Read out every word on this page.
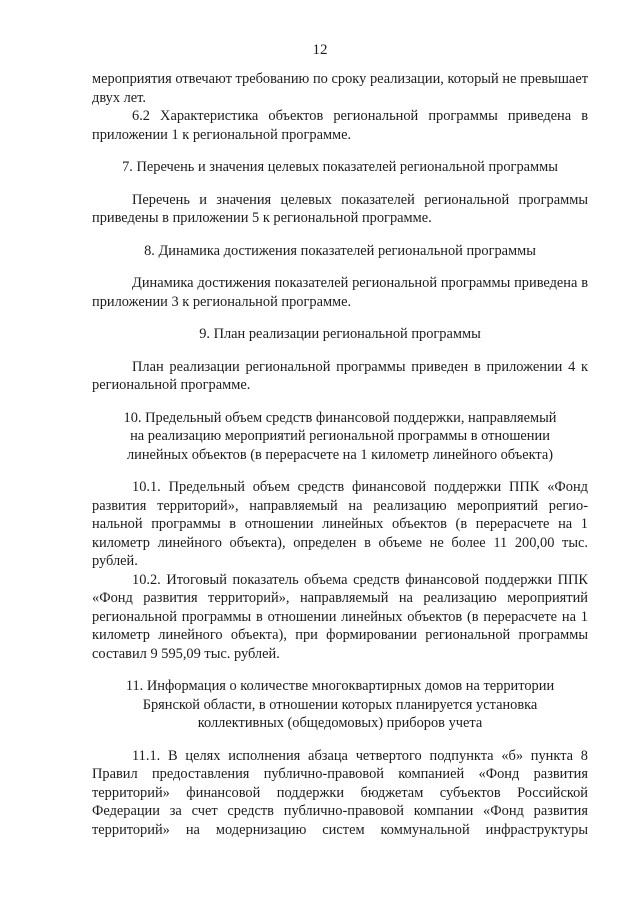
12

мероприятия отвечают требованию по сроку реализации, который не превышает двух лет.

6.2 Характеристика объектов региональной программы приведена в приложении 1 к региональной программе.

7. Перечень и значения целевых показателей региональной программы

Перечень и значения целевых показателей региональной программы приведены в приложении 5 к региональной программе.

8. Динамика достижения показателей региональной программы

Динамика достижения показателей региональной программы приведена в приложении 3 к региональной программе.

9. План реализации региональной программы

План реализации региональной программы приведен в приложении 4 к региональной программе.

10. Предельный объем средств финансовой поддержки, направляемый

на реализацию мероприятий региональной программы в отношении

линейных объектов (в перерасчете на 1 километр линейного объекта)

10.1. Предельный объем средств финансовой поддержки ППК «Фонд развития территорий», направляемый на реализацию мероприятий региональной программы в отношении линейных объектов (в перерасчете на 1 километр линейного объекта), определен в объеме не более 11 200,00 тыс. рублей.

10.2. Итоговый показатель объема средств финансовой поддержки ППК «Фонд развития территорий», направляемый на реализацию мероприятий региональной программы в отношении линейных объектов (в перерасчете на 1 километр линейного объекта), при формировании региональной программы составил 9 595,09 тыс. рублей.

11. Информация о количестве многоквартирных домов на территории

Брянской области, в отношении которых планируется установка

коллективных (общедомовых) приборов учета

11.1. В целях исполнения абзаца четвертого подпункта «б» пункта 8 Правил предоставления публично-правовой компанией «Фонд развития территорий» финансовой поддержки бюджетам субъектов Российской Федерации за счет средств публично-правовой компании «Фонд развития территорий» на модернизацию систем коммунальной инфраструктуры
